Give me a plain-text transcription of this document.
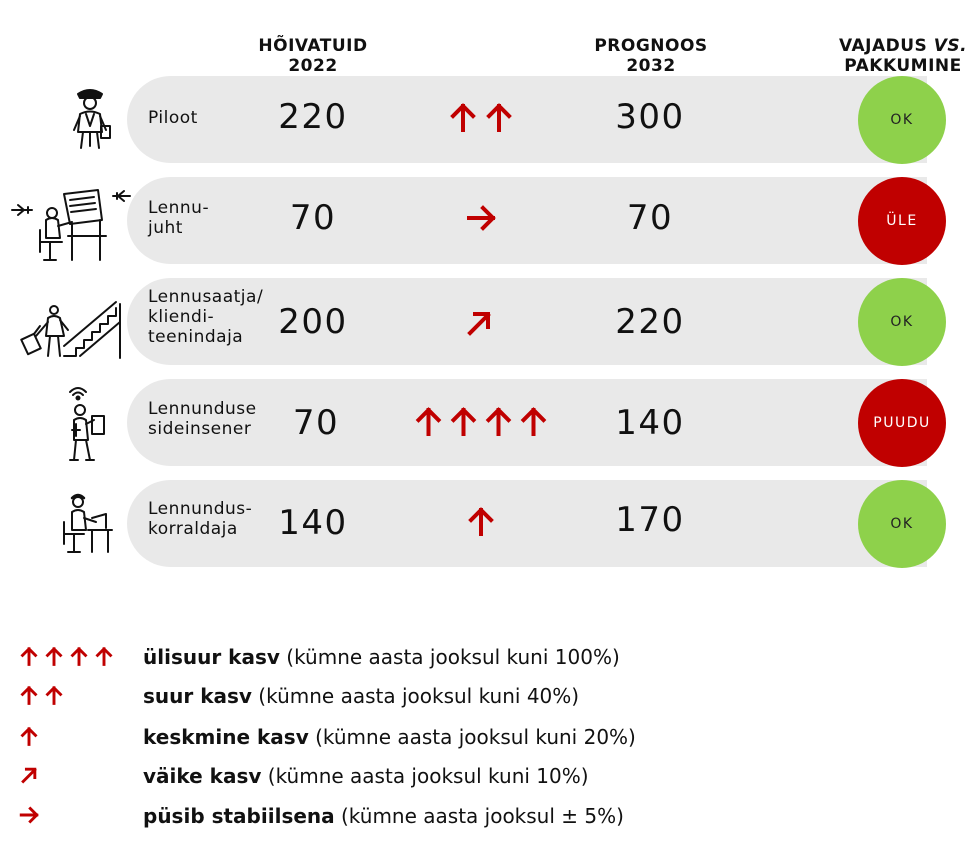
HÕIVATUID
2022
PROGNOOS
2032
VAJADUS VS.
PAKKUMINE
Piloot
Lennu-
juht
Lennusaatja/
kliendi-
teenindaja
Lennunduse
sideinsener
Lennundus-
korraldaja
220
70
200
70
140
300
70
220
140
170
OK
ÜLE
OK
PUUDU
OK
ülisuur kasv (kümne aasta jooksul kuni 100%)
suur kasv (kümne aasta jooksul kuni 40%)
keskmine kasv (kümne aasta jooksul kuni 20%)
väike kasv (kümne aasta jooksul kuni 10%)
püsib stabiilsena (kümne aasta jooksul ± 5%)
